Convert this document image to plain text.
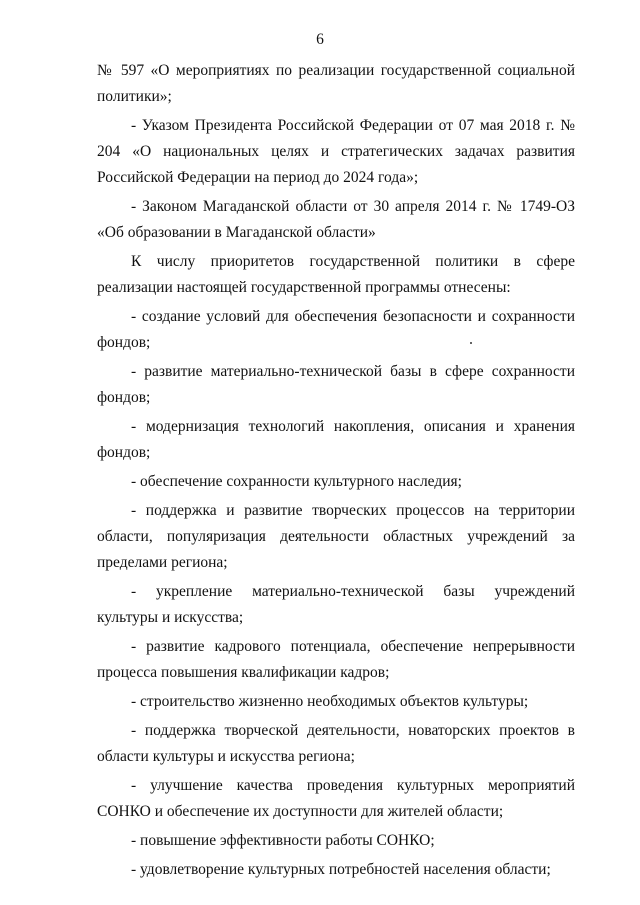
6

№ 597 «О мероприятиях по реализации государственной социальной политики»;

- Указом Президента Российской Федерации от 07 мая 2018 г. № 204 «О национальных целях и стратегических задачах развития Российской Федерации на период до 2024 года»;

- Законом Магаданской области от 30 апреля 2014 г. № 1749-ОЗ «Об образовании в Магаданской области»

К числу приоритетов государственной политики в сфере реализации настоящей государственной программы отнесены:

- создание условий для обеспечения безопасности и сохранности фондов;

- развитие материально-технической базы в сфере сохранности фондов;

- модернизация технологий накопления, описания и хранения фондов;

- обеспечение сохранности культурного наследия;

- поддержка и развитие творческих процессов на территории области, популяризация деятельности областных учреждений за пределами региона;

- укрепление материально-технической базы учреждений культуры и искусства;

- развитие кадрового потенциала, обеспечение непрерывности процесса повышения квалификации кадров;

- строительство жизненно необходимых объектов культуры;

- поддержка творческой деятельности, новаторских проектов в области культуры и искусства региона;

- улучшение качества проведения культурных мероприятий СОНКО и обеспечение их доступности для жителей области;

- повышение эффективности работы СОНКО;

- удовлетворение культурных потребностей населения области;
